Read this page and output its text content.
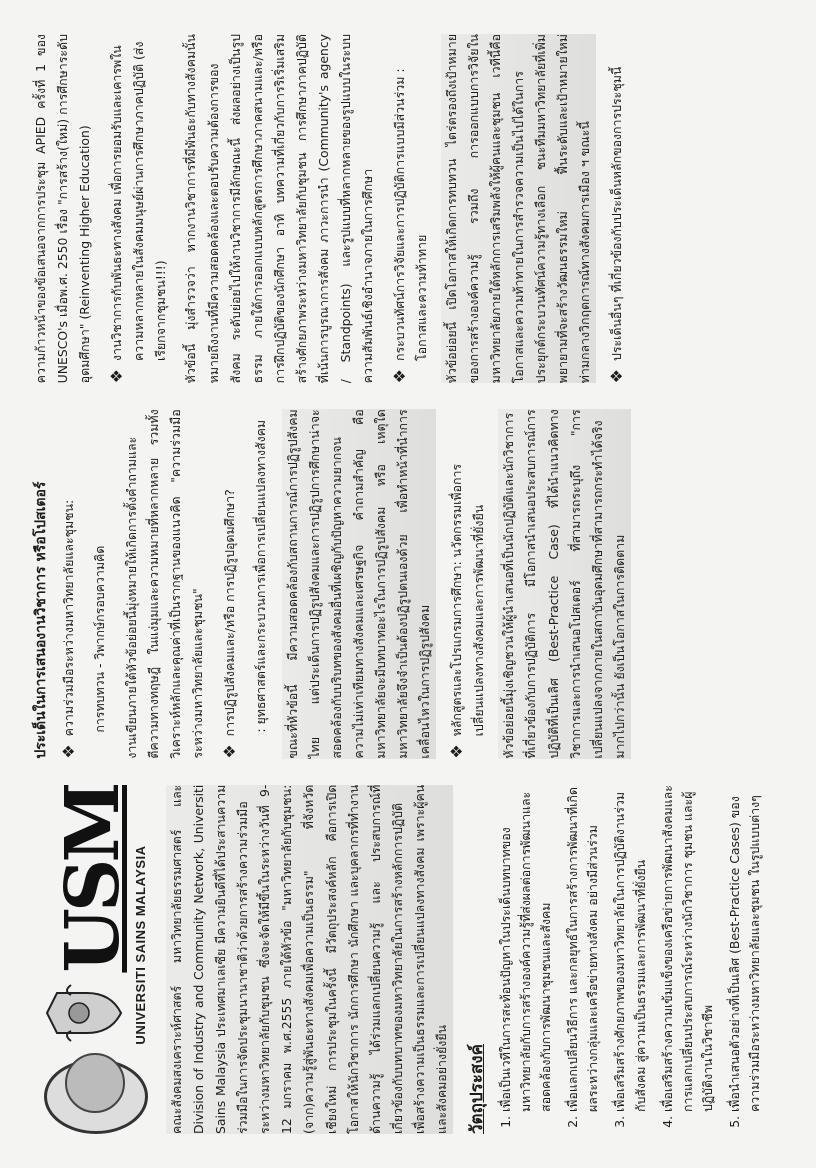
USM
UNIVERSITI SAINS MALAYSIA คณะสังคมสงเคราะห์ศาสตร์ มหาวิทยาลัยธรรมศาสตร์ และ Division of Industry and Community Network, Universiti Sains Malaysia ประเทศมาเลเซีย มีความยินดีที่ได้ประสานความร่วมมือในการจัดประชุมนานาชาติว่าด้วยการสร้างความร่วมมือระหว่างมหาวิทยาลัยกับชุมชน ซึ่งจะจัดให้มีขึ้นในระหว่างวันที่ 9-12 มกราคม พ.ศ.2555 ภายใต้หัวข้อ "มหาวิทยาลัยกับชุมชน: (จาก)ความรู้สู่พันธะทางสังคมเพื่อความเป็นธรรม" ที่จังหวัดเชียงใหม่ การประชุมในครั้งนี้ มีวัตถุประสงค์หลัก คือการเปิดโอกาสให้นักวิชาการ นักการศึกษา นักศึกษา และบุคลากรที่ทำงานด้านความรู้ ได้ร่วมแลกเปลี่ยนความรู้ และ ประสบการณ์ที่เกี่ยวข้องกับบทบาทของมหาวิทยาลัยในการสร้างหลักการปฏิบัติเพื่อสร้างความเป็นธรรมและการเปลี่ยนแปลงทางสังคม เพราะผู้คนและสังคมอย่างยั่งยืน วัตถุประสงค์ 1. เพื่อเป็นเวทีในการสะท้อนปัญหาในประเด็นบทบาทของมหาวิทยาลัยกับการสร้างองค์ความรู้ที่ส่งผลต่อการพัฒนาและสอดคล้องกับการพัฒนาชุมชนและสังคม 2. เพื่อแลกเปลี่ยนวิธีการ และกลยุทธ์ในการสร้างการพัฒนาที่เกิดผลระหว่างกลุ่มและเครือข่ายทางสังคม อย่างมีส่วนร่วม 3. เพื่อเสริมสร้างศักยภาพของมหาวิทยาลัยในการปฏิบัติงานร่วมกับสังคม สู่ความเป็นธรรมและการพัฒนาที่ยั่งยืน 4. เพื่อเสริมสร้างความเข้มแข็งของเครือข่ายการพัฒนาสังคมและการแลกเปลี่ยนประสบการณ์ระหว่างนักวิชาการ ชุมชน และผู้ปฏิบัติงานในวิชาชีพ 5. เพื่อนำเสนอตัวอย่างที่เป็นเลิศ (Best-Practice Cases) ของความร่วมมือระหว่างมหาวิทยาลัยและชุมชน ในรูปแบบต่างๆ
ประเด็นในการเสนองานวิชาการ หรือโปสเตอร์ ❖
ความร่วมมือระหว่างมหาวิทยาลัยและชุมชน:	การทบทวน - วิพากษ์กรอบความคิด	งานเขียนภายใต้หัวข้อย่อยนี้มุ่งหมายให้เกิดการตั้งคำถามและตีความทางทฤษฎี ในแง่มุมและความหมายที่หลากหลาย รวมทั้งวิเคราะห์หลักและคุณค่าที่เป็นรากฐานของแนวคิด "ความร่วมมือระหว่างมหาวิทยาลัยและชุมชน" ❖
การปฏิรูปสังคมและ/หรือ การปฏิรูปอุดมศึกษา?	: ยุทธศาสตร์และกระบวนการเพื่อการเปลี่ยนแปลงทางสังคม	ขณะที่หัวข้อนี้ มีความสอดคล้องกับสถานการณ์การปฏิรูปสังคมไทย แต่ประเด็นการปฏิรูปสังคมและการปฏิรูปการศึกษาน่าจะสอดคล้องกับบริบทของสังคมอื่นที่เผชิญกับปัญหาความยากจน ความไม่เท่าเทียมทางสังคมและเศรษฐกิจ คำถามสำคัญ คือ มหาวิทยาลัยจะมีบทบาทอะไรในการปฏิรูปสังคม หรือ เหตุใดมหาวิทยาลัยจึงจำเป็นต้องปฏิรูปตนเองด้วย เพื่อทำหน้าที่นำการเคลื่อนไหวในการปฏิรูปสังคม ❖
หลักสูตรและโปรแกรมการศึกษา: นวัตกรรมเพื่อการเปลี่ยนแปลงทางสังคมและการพัฒนาที่ยั่งยืน	หัวข้อย่อยนี้มุ่งเชิญชวนให้ผู้นำเสนอที่เป็นนักปฏิบัติและนักวิชาการที่เกี่ยวข้องกับการปฏิบัติการ มีโอกาสนำเสนอประสบการณ์การปฏิบัติที่เป็นเลิศ (Best-Practice Case) ที่ได้นำแนวคิดทางวิชาการและการนำเสนอโปสเตอร์ ที่สามารถระบุถึง "การเปลี่ยนแปลงจากภายในสถาบันอุดมศึกษาที่สามารถกระทำได้จริง มากไปกว่านั้น ยังเป็นโอกาสในการติดตาม

ความก้าวหน้าของข้อเสนอจากการประชุม APIED ครั้งที่ 1 ของ UNESCO's เมื่อพ.ศ. 2550 เรื่อง "การสร้าง(ใหม่) การศึกษาระดับอุดมศึกษา" (Reinventing Higher Education) ❖
งานวิชาการกับพันธะทางสังคม เพื่อการยอมรับและเคารพในความหลากหลายในสังคมมนุษย์ผ่านการศึกษาภาคปฏิบัติ (ส่งเรียกจากชุมชน!!!)	หัวข้อนี้ มุ่งสำรวจว่า หากงานวิชาการที่มีพันธะกับทางสังคมนั้น หมายถึงงานที่มีความสอดคล้องและตอบรับความต้องการของสังคม ระดับย่อยไปให้งานวิชาการมีลักษณะนี้ ส่งผลอย่างเป็นรูปธรรม ภายใต้การออกแบบหลักสูตรการศึกษาภาคสนามและ/หรือ การฝึกปฏิบัติของนักศึกษา อาทิ บทความที่เกี่ยวกับการริเริ่มเสริมสร้างศักยภาพระหว่างมหาวิทยาลัยกับชุมชน การศึกษาภาคปฏิบัติที่เน้นการบูรณาการสังคม ภาวะการนำ (Community's agency / Standpoints) และรูปแบบที่หลากหลายของรูปแบบในระบบความสัมพันธ์เชิงอำนาจภายในการศึกษา ❖
กระบวนทัศน์การวิจัยและการปฏิบัติการแบบมีส่วนร่วม : โอกาสและความท้าทาย	หัวข้อย่อยนี้ เปิดโอกาสให้เกิดการทบทวน ไตร่ตรองถึงเป้าหมายของการสร้างองค์ความรู้ รวมถึง การออกแบบการวิจัยในมหาวิทยาลัยภายใต้หลักการเสริมพลังให้ผู้คนและชุมชน เวทีนี้คือ โอกาสและความท้าทายในการสำรวจความเป็นไปได้ในการประยุกต์กระบวนทัศน์ความรู้ทางเลือก ชนะทีมมหาวิทยาลัยที่เพิ่มพยายามที่จะสร้างวัฒนธรรมใหม่ ฟื้นระดับและเป้าหมายใหม่ท่ามกลางวิกฤตการณ์ทางสังคมการเมือง ฯ ขณะนี้ ❖
ประเด็นอื่นๆ ที่เกี่ยวข้องกับประเด็นหลักของการประชุมนี้
